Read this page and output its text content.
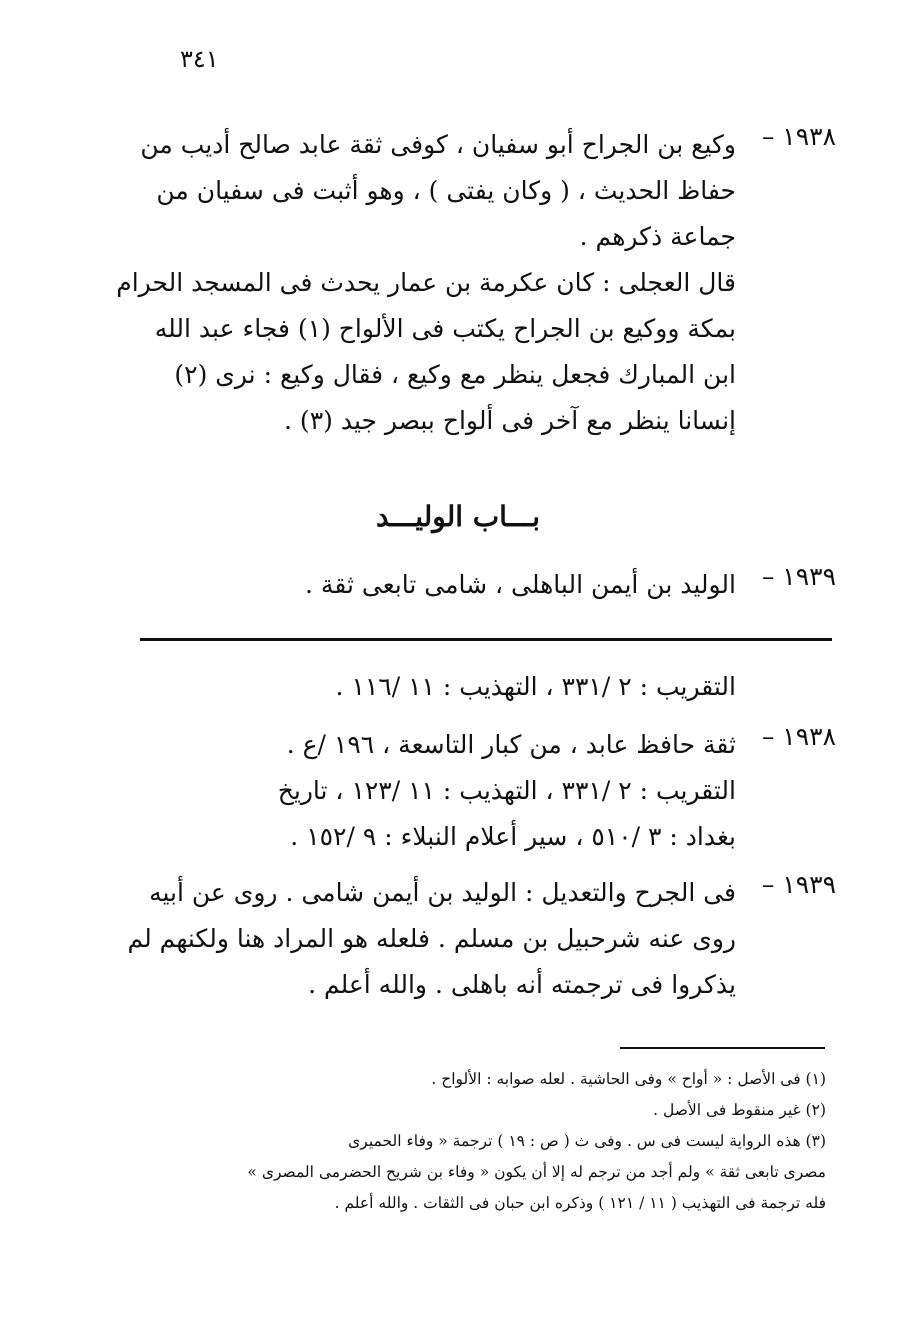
٣٤١
١٩٣٨ –
وكيع بن الجراح أبو سفيان ، كوفى ثقة عابد صالح أديب من
حفاظ الحديث ، ( وكان يفتى ) ، وهو أثبت فى سفيان من
جماعة ذكرهم .
قال العجلى : كان عكرمة بن عمار يحدث فى المسجد الحرام
بمكة ووكيع بن الجراح يكتب فى الألواح (١) فجاء عبد الله
ابن المبارك فجعل ينظر مع وكيع ، فقال وكيع : نرى (٢)
إنسانا ينظر مع آخر فى ألواح ببصر جيد (٣) .
بـــاب الوليـــد
١٩٣٩ –
الوليد بن أيمن الباهلى ، شامى تابعى ثقة .
التقريب : ٢ /٣٣١ ، التهذيب : ١١ /١١٦ .
١٩٣٨ –
ثقة حافظ عابد ، من كبار التاسعة ، ١٩٦ /ع .
التقريب : ٢ /٣٣١ ، التهذيب : ١١ /١٢٣ ، تاريخ
بغداد : ٣ /٥١٠ ، سير أعلام النبلاء : ٩ /١٥٢ .
١٩٣٩ –
فى الجرح والتعديل : الوليد بن أيمن شامى . روى عن أبيه
روى عنه شرحبيل بن مسلم . فلعله هو المراد هنا ولكنهم لم
يذكروا فى ترجمته أنه باهلى . والله أعلم .
(١) فى الأصل : « أواح » وفى الحاشية . لعله صوابه : الألواح .
(٢) غير منقوط فى الأصل .
(٣) هذه الرواية ليست فى س . وفى ث ( ص : ١٩ ) ترجمة « وفاء الحميرى
مصرى تابعى ثقة » ولم أجد من ترجم له إلا أن يكون « وفاء بن شريح الحضرمى المصرى »
فله ترجمة فى التهذيب ( ١١ / ١٢١ ) وذكره ابن حبان فى الثقات . والله أعلم .
